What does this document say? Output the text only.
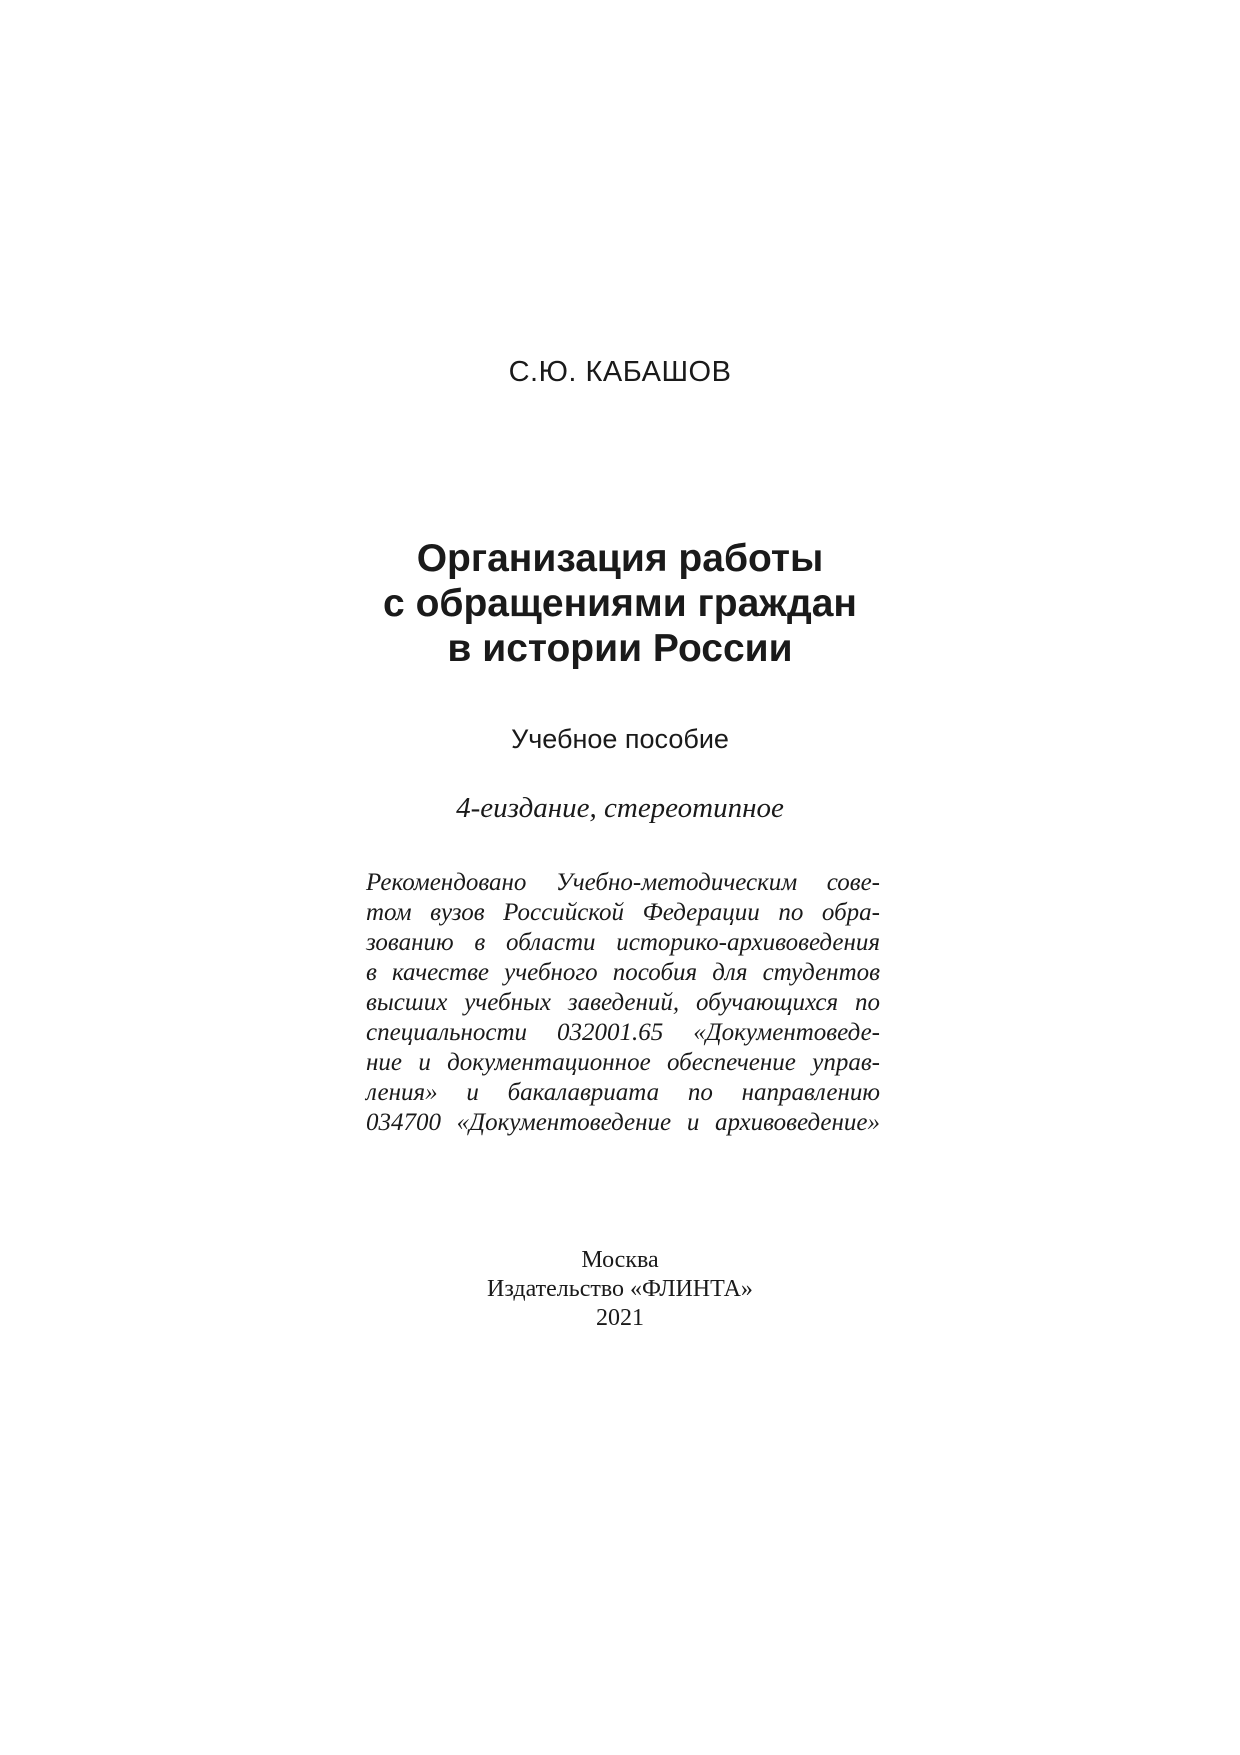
С.Ю. КАБАШОВ
Организация работы
с обращениями граждан
в истории России
Учебное пособие
4-еиздание, стереотипное
Рекомендовано Учебно-методическим сове-
том вузов Российской Федерации по обра-
зованию в области историко-архивоведения
в качестве учебного пособия для студентов
высших учебных заведений, обучающихся по
специальности 032001.65 «Документоведе-
ние и документационное обеспечение управ-
ления» и бакалавриата по направлению
034700 «Документоведение и архивоведение»
Москва
Издательство «ФЛИНТА»
2021
